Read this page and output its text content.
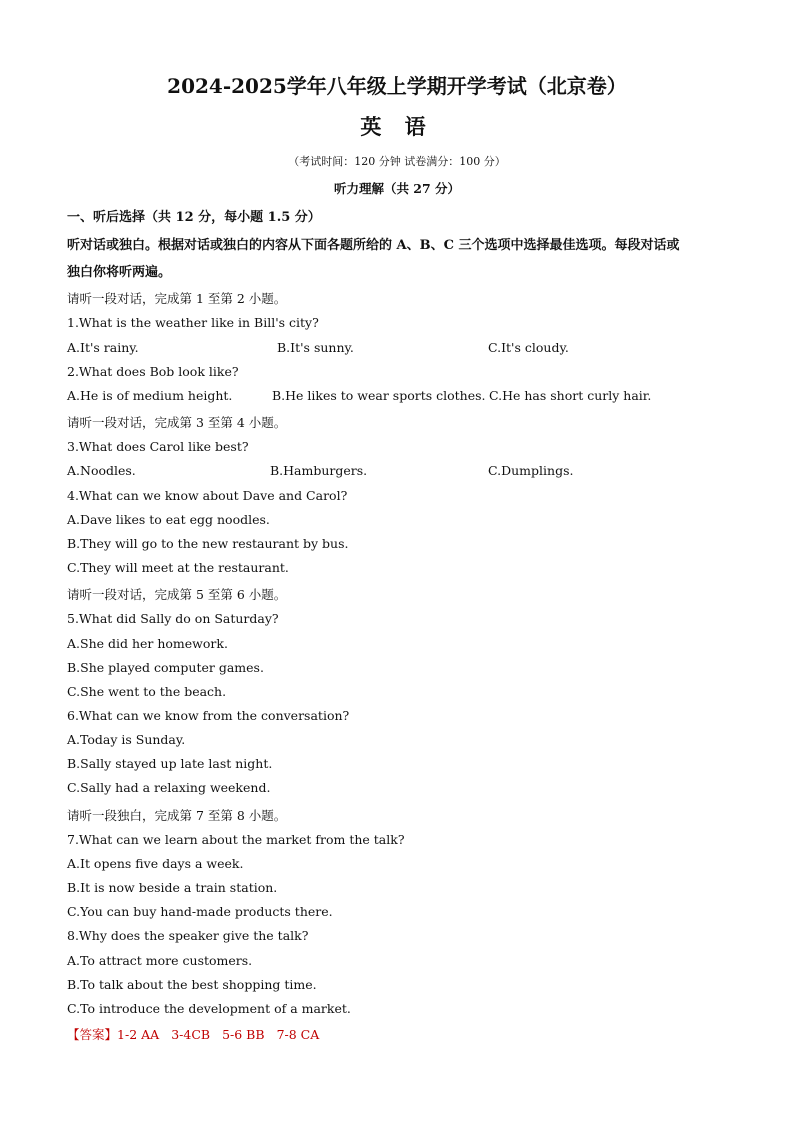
2024-2025学年八年级上学期开学考试（北京卷）
英 语
（考试时间：120 分钟 试卷满分：100 分）
听力理解（共 27 分）
一、听后选择（共 12 分，每小题 1.5 分）
听对话或独白。根据对话或独白的内容从下面各题所给的 A、B、C 三个选项中选择最佳选项。每段对话或
独白你将听两遍。
请听一段对话，完成第 1 至第 2 小题。
1.What is the weather like in Bill's city?
A.It's rainy.	B.It's sunny.	C.It's cloudy.
2.What does Bob look like?
A.He is of medium height.	B.He likes to wear sports clothes. C.He has short curly hair.
请听一段对话，完成第 3 至第 4 小题。
3.What does Carol like best?
A.Noodles.	B.Hamburgers.	C.Dumplings.
4.What can we know about Dave and Carol?
A.Dave likes to eat egg noodles.
B.They will go to the new restaurant by bus.
C.They will meet at the restaurant.
请听一段对话，完成第 5 至第 6 小题。
5.What did Sally do on Saturday?
A.She did her homework.
B.She played computer games.
C.She went to the beach.
6.What can we know from the conversation?
A.Today is Sunday.
B.Sally stayed up late last night.
C.Sally had a relaxing weekend.
请听一段独白，完成第 7 至第 8 小题。
7.What can we learn about the market from the talk?
A.It opens five days a week.
B.It is now beside a train station.
C.You can buy hand-made products there.
8.Why does the speaker give the talk?
A.To attract more customers.
B.To talk about the best shopping time.
C.To introduce the development of a market.
【答案】1-2 AA 3-4CB 5-6 BB 7-8 CA
